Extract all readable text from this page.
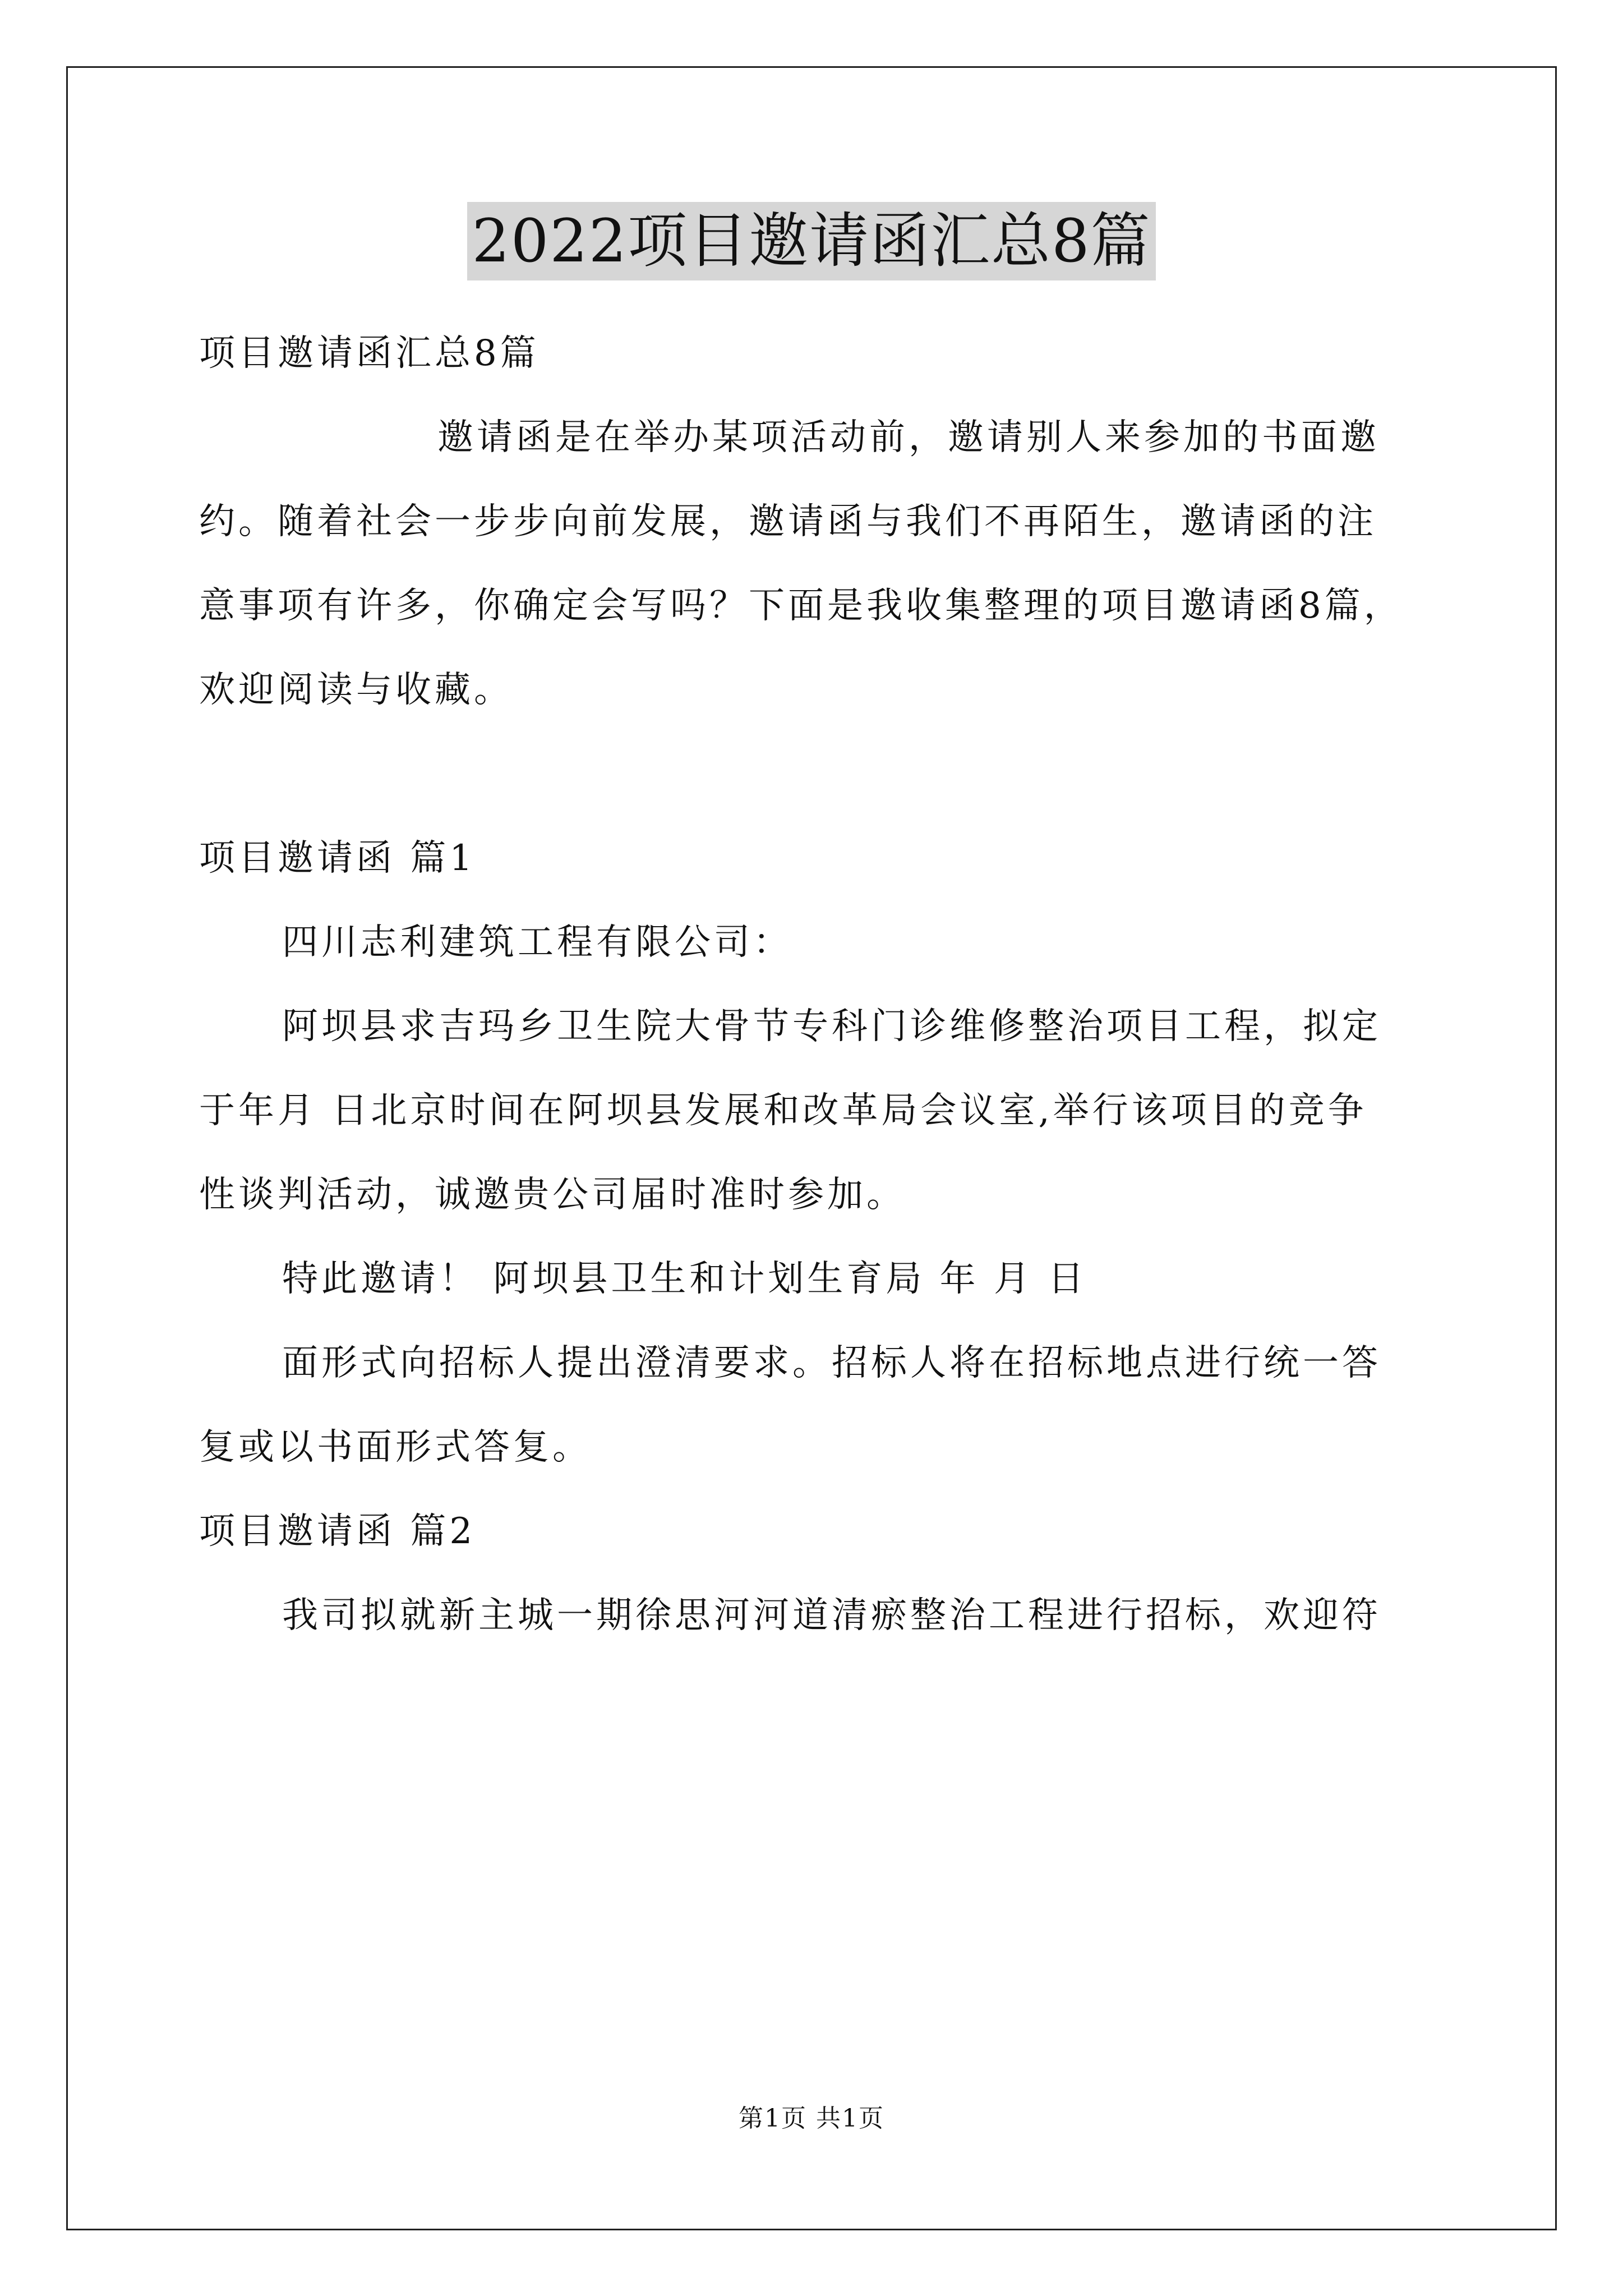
2022项目邀请函汇总8篇
项目邀请函汇总8篇
邀请函是在举办某项活动前，邀请别人来参加的书面邀
约。随着社会一步步向前发展，邀请函与我们不再陌生，邀请函的注
意事项有许多，你确定会写吗？下面是我收集整理的项目邀请函8篇，
欢迎阅读与收藏。
项目邀请函 篇1
四川志利建筑工程有限公司：
阿坝县求吉玛乡卫生院大骨节专科门诊维修整治项目工程，拟定
于年月 日北京时间在阿坝县发展和改革局会议室,举行该项目的竞争
性谈判活动，诚邀贵公司届时准时参加。
特此邀请！ 阿坝县卫生和计划生育局 年 月 日
面形式向招标人提出澄清要求。招标人将在招标地点进行统一答
复或以书面形式答复。
项目邀请函 篇2
我司拟就新主城一期徐思河河道清瘀整治工程进行招标，欢迎符
第1页 共1页
